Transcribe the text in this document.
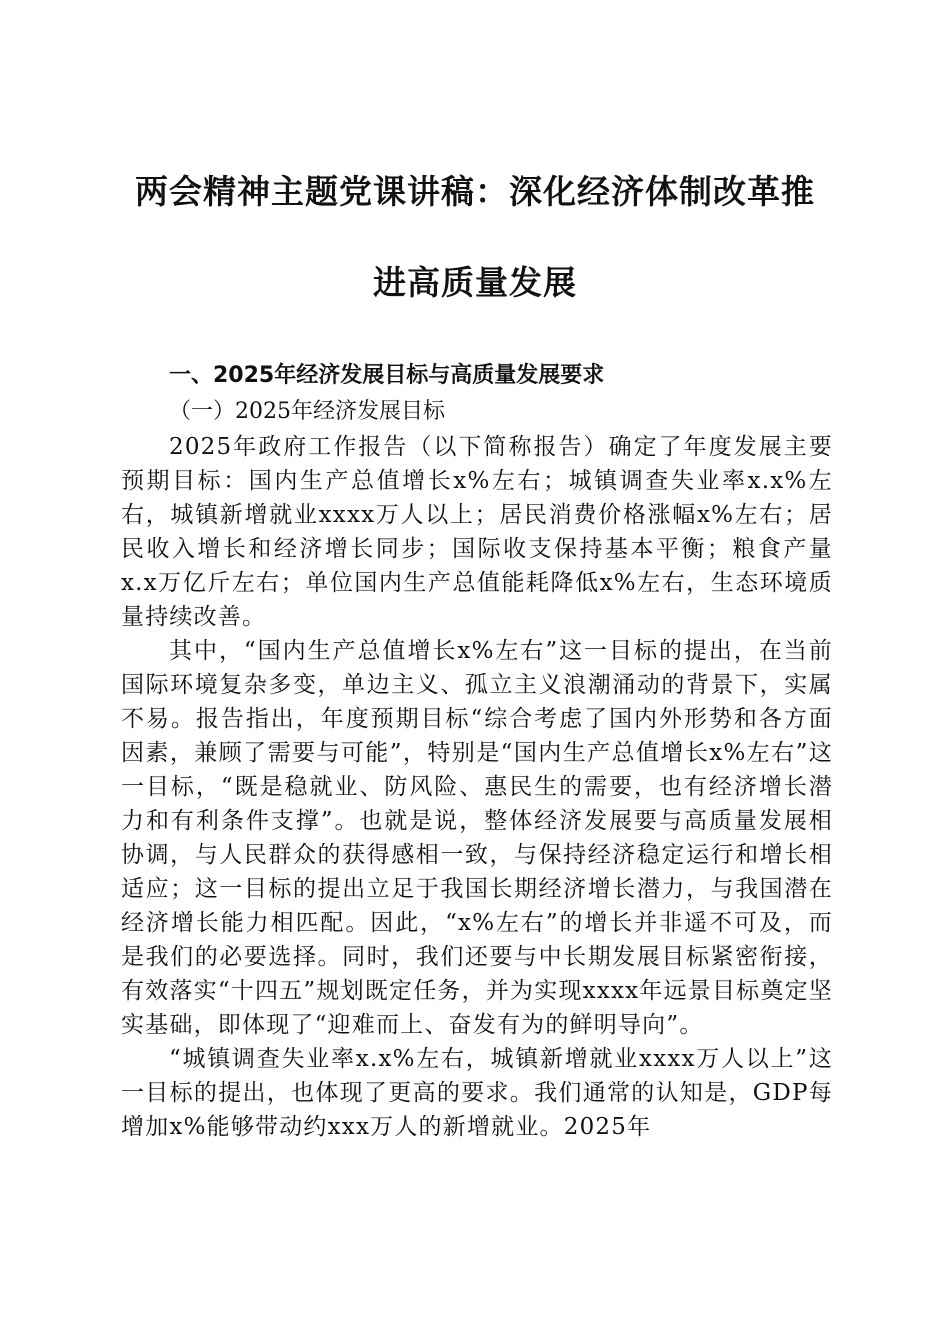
两会精神主题党课讲稿：深化经济体制改革推
进高质量发展

一、2025年经济发展目标与高质量发展要求

（一）2025年经济发展目标

2025年政府工作报告（以下简称报告）确定了年度发展主要预期目标：国内生产总值增长x%左右；城镇调查失业率x.x%左右，城镇新增就业xxxx万人以上；居民消费价格涨幅x%左右；居民收入增长和经济增长同步；国际收支保持基本平衡；粮食产量x.x万亿斤左右；单位国内生产总值能耗降低x%左右，生态环境质量持续改善。

其中，“国内生产总值增长x%左右”这一目标的提出，在当前国际环境复杂多变，单边主义、孤立主义浪潮涌动的背景下，实属不易。报告指出，年度预期目标“综合考虑了国内外形势和各方面因素，兼顾了需要与可能”，特别是“国内生产总值增长x%左右”这一目标，“既是稳就业、防风险、惠民生的需要，也有经济增长潜力和有利条件支撑”。也就是说，整体经济发展要与高质量发展相协调，与人民群众的获得感相一致，与保持经济稳定运行和增长相适应；这一目标的提出立足于我国长期经济增长潜力，与我国潜在经济增长能力相匹配。因此，“x%左右”的增长并非遥不可及，而是我们的必要选择。同时，我们还要与中长期发展目标紧密衔接，有效落实“十四五”规划既定任务，并为实现xxxx年远景目标奠定坚实基础，即体现了“迎难而上、奋发有为的鲜明导向”。

“城镇调查失业率x.x%左右，城镇新增就业xxxx万人以上”这一目标的提出，也体现了更高的要求。我们通常的认知是，GDP每增加x%能够带动约xxx万人的新增就业。2025年
